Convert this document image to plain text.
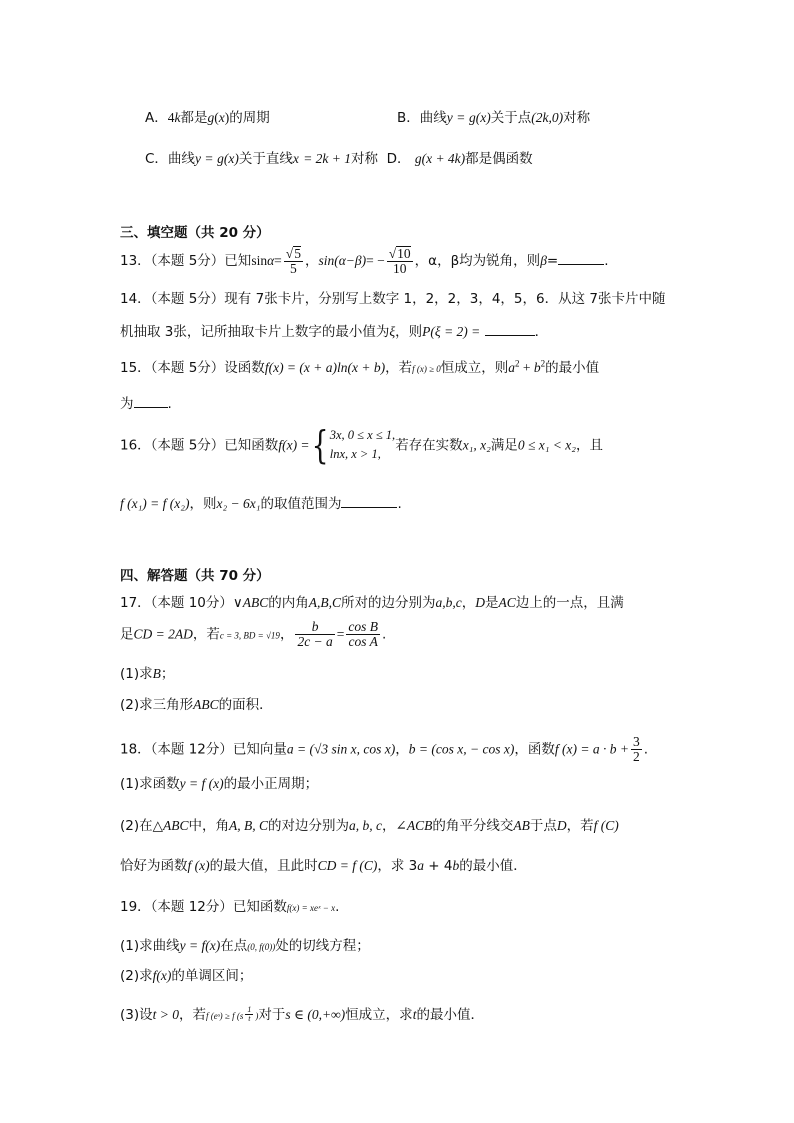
A．4k都是g(x)的周期	B．曲线y = g(x)关于点(2k,0)对称
C．曲线y = g(x)关于直线x = 2k + 1对称 D． g(x + 4k)都是偶函数
三、填空题（共 20 分）
13．（本题 5分）已知$\sin\alpha= \frac{√5}{5}$ ，$\sin(\alpha-\beta)= - \frac{√10}{10}$ ，α，β均为锐角，则β=	.
14．（本题 5分）现有 7张卡片，分别写上数字 1，2，2，3，4，5，6．从这 7张卡片中随
机抽取 3张，记所抽取卡片上数字的最小值为ξ，则P(ξ = 2) =	．
15．（本题 5分）设函数f(x) = (x + a)ln(x + b)，若f (x) ≥ 0恒成立，则$a^2 + b^2$的最小值
为	.
16．（本题 5分）已知函数f(x) ={ 3x, 0 ≤ x ≤ 1,
lnx, x > 1,
若存在实数x₁, x₂满足0 ≤ x₁ < x₂，且
f (x₁) = f (x₂)，则x₂ − 6x₁的取值范围为	.
四、解答题（共 70 分）
17．（本题 10分）∨ABC的内角A,B,C所对的边分别为a,b,c，D是AC边上的一点，且满
足CD = 2AD，若c = 3, BD = √19， $\frac{b}{2c - a} = \frac{\text{cos B}}{\text{cos A}}$ .
(1)求B；
(2)求三角形ABC的面积．
18．（本题 12分）已知向量a = (√3 sin x, cos x)，b = (cos x, − cos x)，函数f $(x) = a \cdot b + \frac{3}{2}$ .
(1)求函数y = f (x)的最小正周期；
(2)在△ABC中，角A, B, C的对边分别为a, b, c，∠ACB的角平分线交AB于点D，若f (C)
恰好为函数f (x)的最大值，且此时CD = f (C)，求 3a + 4b的最小值．
19．（本题 12分）已知函数f(x) = xeˣ − x.
(1)求曲线y = f(x)在点(0, f(0))处的切线方程；
(2)求f(x)的单调区间；
(3)设t > 0，若f (eˢ) ≥ f ($s \frac{1}{t}$ )对于s ∈ (0,+∞)恒成立，求t的最小值．
